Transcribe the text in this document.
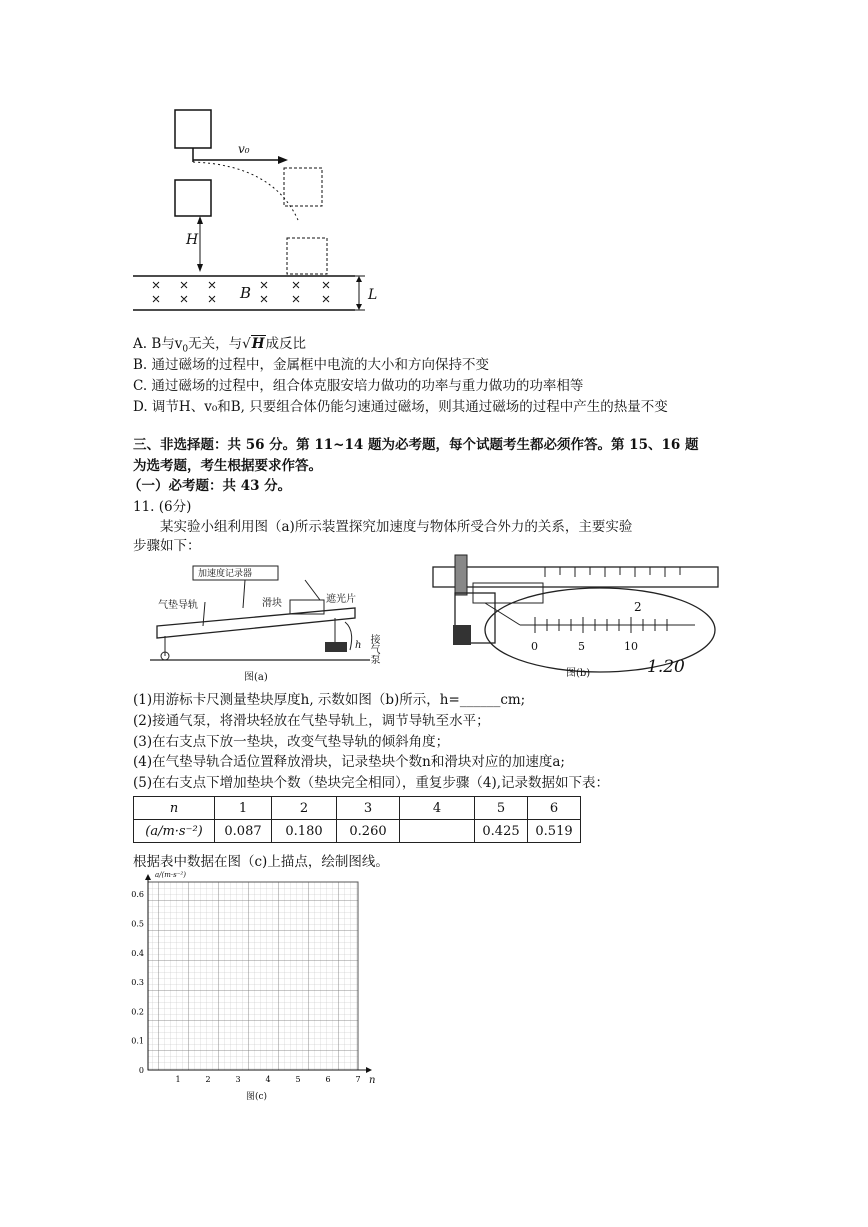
v₀
H
B	L
A. B与$v_0$无关，与√H成反比
B. 通过磁场的过程中，金属框中电流的大小和方向保持不变
C. 通过磁场的过程中，组合体克服安培力做功的功率与重力做功的功率相等
D. 调节H、v₀和B, 只要组合体仍能匀速通过磁场，则其通过磁场的过程中产生的热量不变
三、非选择题：共 56 分。第 11~14 题为必考题，每个试题考生都必须作答。第 15、16 题
为选考题，考生根据要求作答。
（一）必考题：共 43 分。
11. (6分)
某实验小组利用图（a)所示装置探究加速度与物体所受合外力的关系，主要实验
步骤如下：
加速度记录器
气垫导轨	滑块	遮光片
接气泵
h
图(a)
2
0	5	10
图(b)	1.20
(1)用游标卡尺测量垫块厚度h, 示数如图（b)所示，h=______cm;
(2)接通气泵，将滑块轻放在气垫导轨上，调节导轨至水平；
(3)在右支点下放一垫块，改变气垫导轨的倾斜角度；
(4)在气垫导轨合适位置释放滑块，记录垫块个数n和滑块对应的加速度a;
(5)在右支点下增加垫块个数（垫块完全相同），重复步骤（4),记录数据如下表：
n	1	2	3	4	5	6
(a/m·s⁻²)	0.087	0.180	0.260		0.425	0.519
根据表中数据在图（c)上描点，绘制图线。
0
0.1
0.2
0.3
0.4
0.5
0.6
1	2	3	4	5	6	7
a/(m·s⁻²)
n
图(c)
